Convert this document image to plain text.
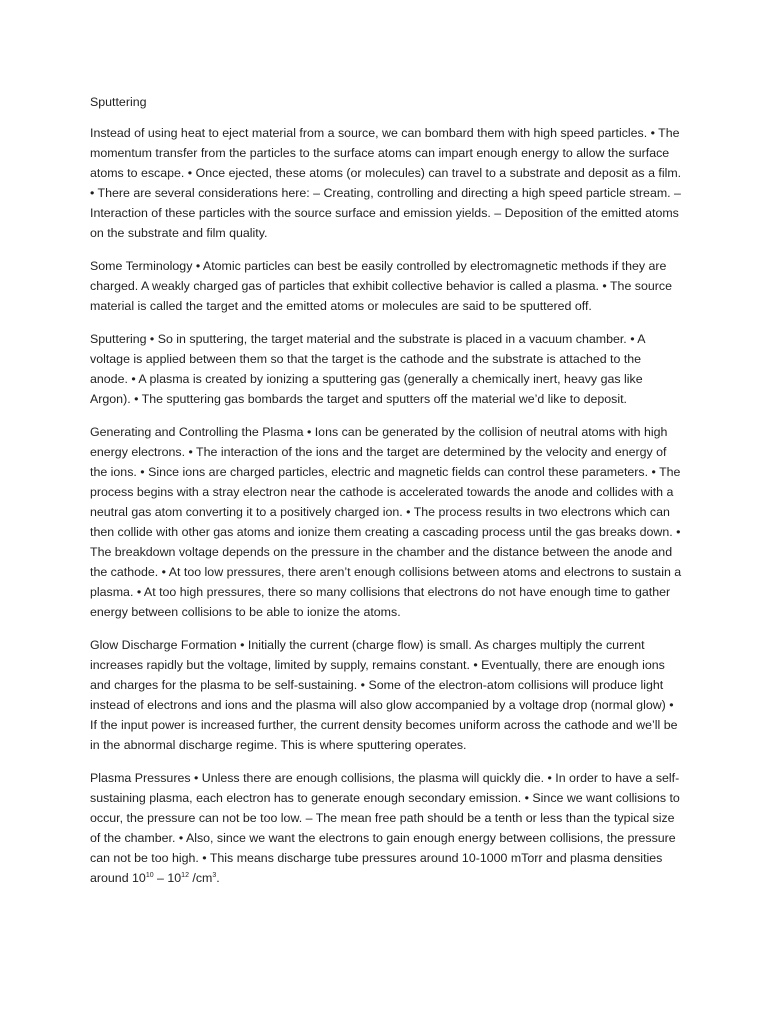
Sputtering

Instead of using heat to eject material from a source, we can bombard them with high speed particles. • The momentum transfer from the particles to the surface atoms can impart enough energy to allow the surface atoms to escape. • Once ejected, these atoms (or molecules) can travel to a substrate and deposit as a film. • There are several considerations here: – Creating, controlling and directing a high speed particle stream. – Interaction of these particles with the source surface and emission yields. – Deposition of the emitted atoms on the substrate and film quality.

Some Terminology • Atomic particles can best be easily controlled by electromagnetic methods if they are charged. A weakly charged gas of particles that exhibit collective behavior is called a plasma. • The source material is called the target and the emitted atoms or molecules are said to be sputtered off.

Sputtering • So in sputtering, the target material and the substrate is placed in a vacuum chamber. • A voltage is applied between them so that the target is the cathode and the substrate is attached to the anode. • A plasma is created by ionizing a sputtering gas (generally a chemically inert, heavy gas like Argon). • The sputtering gas bombards the target and sputters off the material we’d like to deposit.

Generating and Controlling the Plasma • Ions can be generated by the collision of neutral atoms with high energy electrons. • The interaction of the ions and the target are determined by the velocity and energy of the ions. • Since ions are charged particles, electric and magnetic fields can control these parameters. • The process begins with a stray electron near the cathode is accelerated towards the anode and collides with a neutral gas atom converting it to a positively charged ion. • The process results in two electrons which can then collide with other gas atoms and ionize them creating a cascading process until the gas breaks down. • The breakdown voltage depends on the pressure in the chamber and the distance between the anode and the cathode. • At too low pressures, there aren’t enough collisions between atoms and electrons to sustain a plasma. • At too high pressures, there so many collisions that electrons do not have enough time to gather energy between collisions to be able to ionize the atoms.

Glow Discharge Formation • Initially the current (charge flow) is small. As charges multiply the current increases rapidly but the voltage, limited by supply, remains constant. • Eventually, there are enough ions and charges for the plasma to be self-sustaining. • Some of the electron-atom collisions will produce light instead of electrons and ions and the plasma will also glow accompanied by a voltage drop (normal glow) • If the input power is increased further, the current density becomes uniform across the cathode and we’ll be in the abnormal discharge regime. This is where sputtering operates.

Plasma Pressures • Unless there are enough collisions, the plasma will quickly die. • In order to have a self-sustaining plasma, each electron has to generate enough secondary emission. • Since we want collisions to occur, the pressure can not be too low. – The mean free path should be a tenth or less than the typical size of the chamber. • Also, since we want the electrons to gain enough energy between collisions, the pressure can not be too high. • This means discharge tube pressures around 10-1000 mTorr and plasma densities around $10^{10} - 10^{12}$ $/cm^3$.
